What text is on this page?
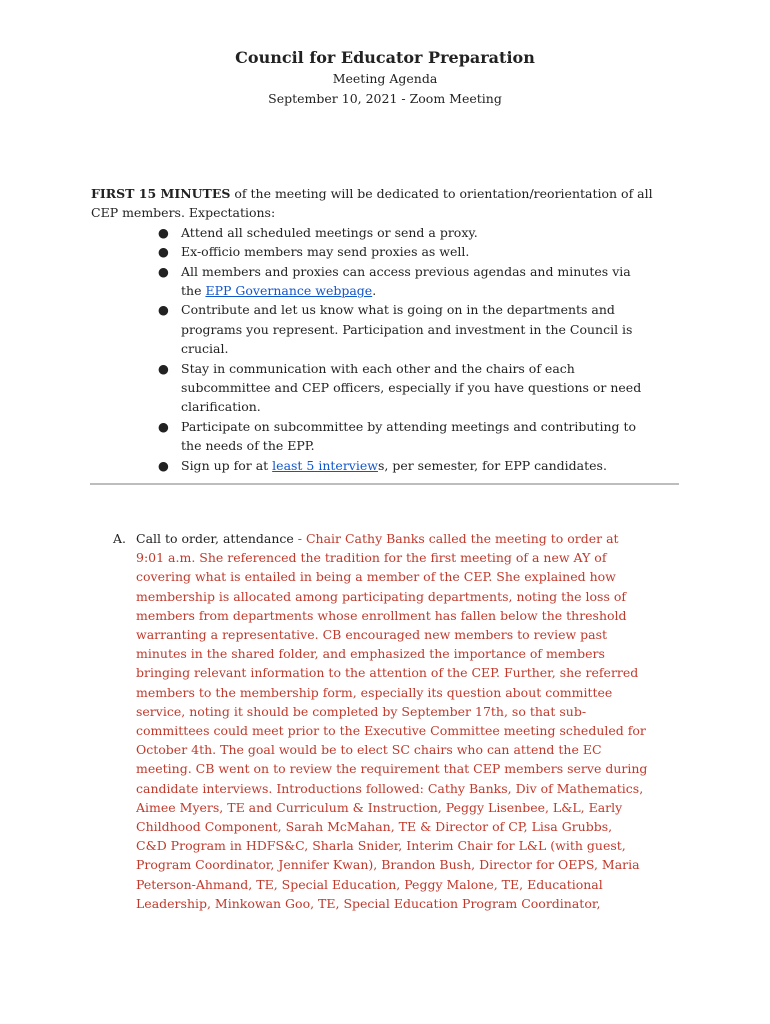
Council for Educator Preparation
Meeting Agenda
September 10, 2021 - Zoom Meeting
FIRST 15 MINUTES of the meeting will be dedicated to orientation/reorientation of all
CEP members. Expectations:
● Attend all scheduled meetings or send a proxy.
● Ex-officio members may send proxies as well.
● All members and proxies can access previous agendas and minutes via
the EPP Governance webpage.
● Contribute and let us know what is going on in the departments and
programs you represent. Participation and investment in the Council is
crucial.
● Stay in communication with each other and the chairs of each
subcommittee and CEP officers, especially if you have questions or need
clarification.
● Participate on subcommittee by attending meetings and contributing to
the needs of the EPP.
● Sign up for at least 5 interviews, per semester, for EPP candidates.
A. Call to order, attendance - Chair Cathy Banks called the meeting to order at
9:01 a.m. She referenced the tradition for the first meeting of a new AY of
covering what is entailed in being a member of the CEP. She explained how
membership is allocated among participating departments, noting the loss of
members from departments whose enrollment has fallen below the threshold
warranting a representative. CB encouraged new members to review past
minutes in the shared folder, and emphasized the importance of members
bringing relevant information to the attention of the CEP. Further, she referred
members to the membership form, especially its question about committee
service, noting it should be completed by September 17th, so that sub-
committees could meet prior to the Executive Committee meeting scheduled for
October 4th. The goal would be to elect SC chairs who can attend the EC
meeting. CB went on to review the requirement that CEP members serve during
candidate interviews. Introductions followed: Cathy Banks, Div of Mathematics,
Aimee Myers, TE and Curriculum & Instruction, Peggy Lisenbee, L&L, Early
Childhood Component, Sarah McMahan, TE & Director of CP, Lisa Grubbs,
C&D Program in HDFS&C, Sharla Snider, Interim Chair for L&L (with guest,
Program Coordinator, Jennifer Kwan), Brandon Bush, Director for OEPS, Maria
Peterson-Ahmand, TE, Special Education, Peggy Malone, TE, Educational
Leadership, Minkowan Goo, TE, Special Education Program Coordinator,
